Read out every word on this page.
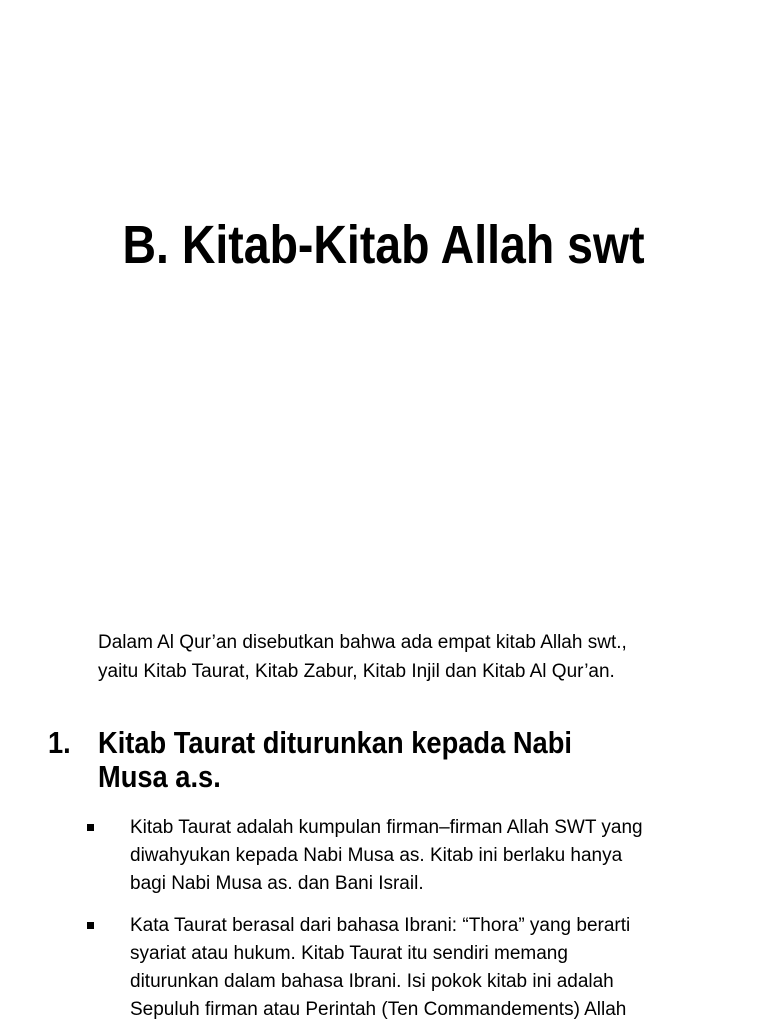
B. Kitab-Kitab Allah swt
Dalam Al Qur’an disebutkan bahwa ada empat kitab Allah swt.,
yaitu Kitab Taurat, Kitab Zabur, Kitab Injil dan Kitab Al Qur’an.
1. Kitab Taurat diturunkan kepada Nabi
Musa a.s.
Kitab Taurat adalah kumpulan firman–firman Allah SWT yang
diwahyukan kepada Nabi Musa as. Kitab ini berlaku hanya
bagi Nabi Musa as. dan Bani Israil.
Kata Taurat berasal dari bahasa Ibrani: “Thora” yang berarti
syariat atau hukum. Kitab Taurat itu sendiri memang
diturunkan dalam bahasa Ibrani. Isi pokok kitab ini adalah
Sepuluh firman atau Perintah (Ten Commandements) Allah
